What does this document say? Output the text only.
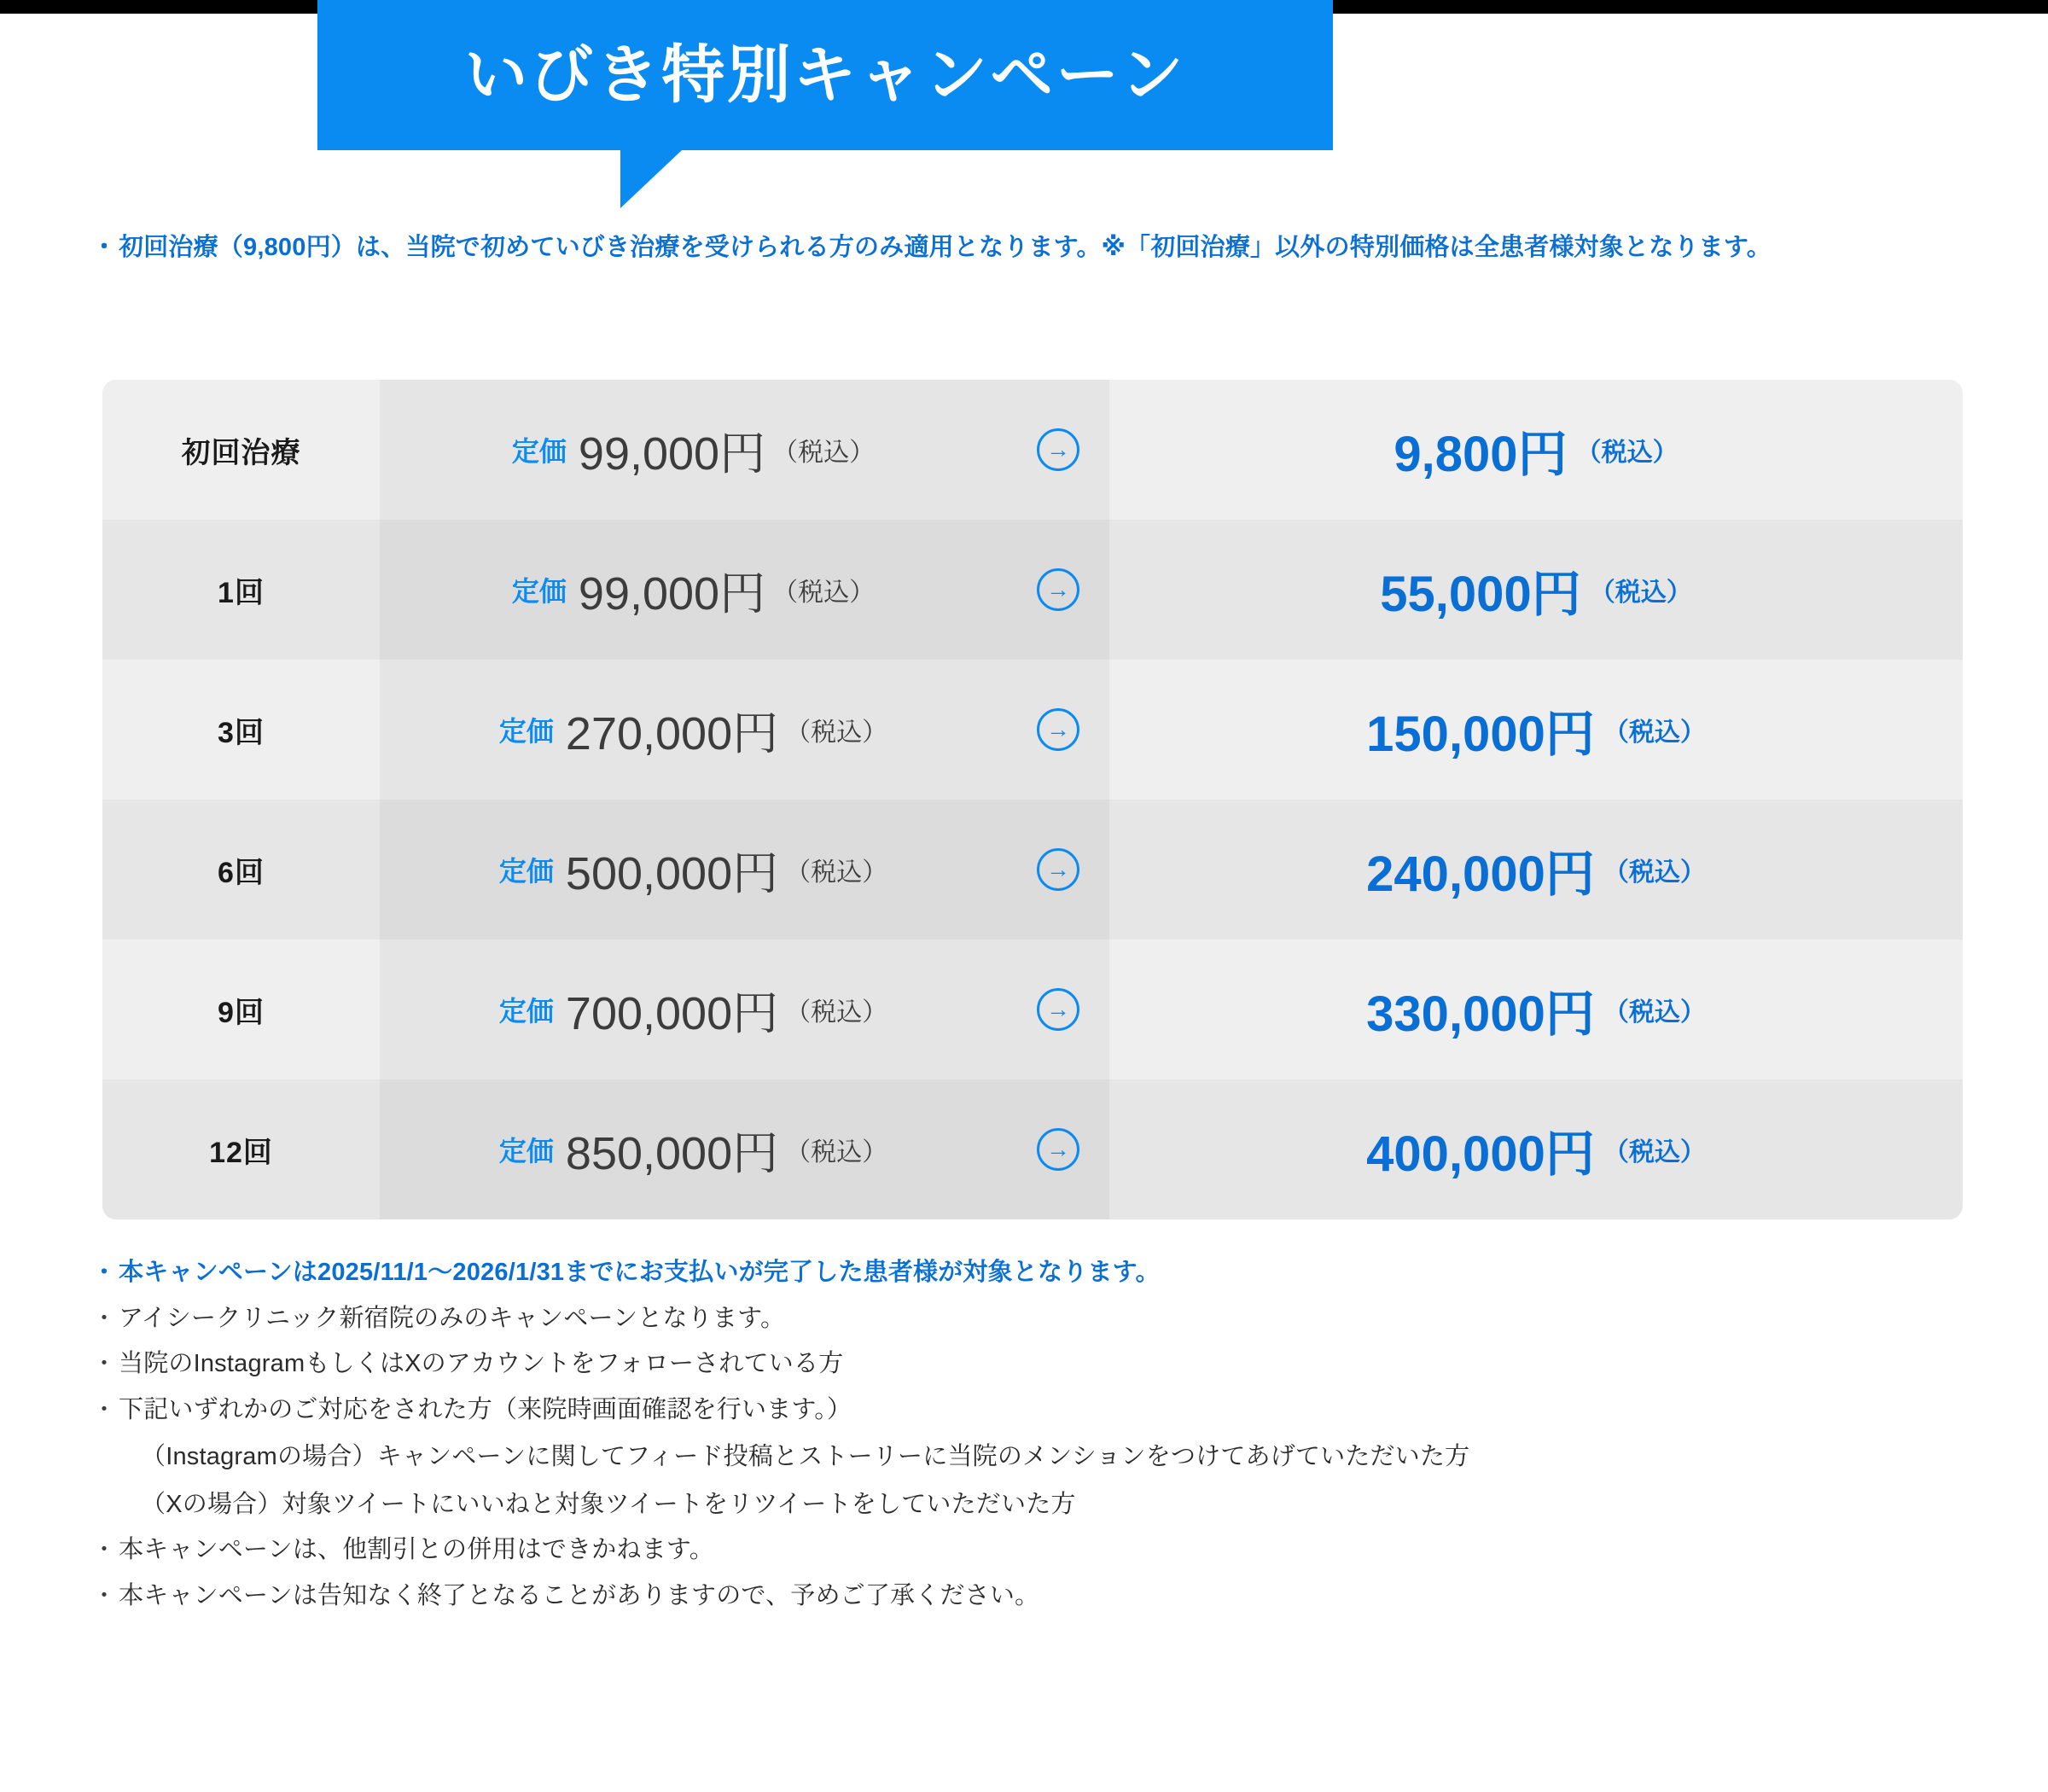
いびき特別キャンペーン
・ 初回治療（9,800円）は、当院で初めていびき治療を受けられる方のみ適用となります。※「初回治療」以外の特別価格は全患者様対象となります。
初回治療	定価 99,000円 （税込）	→	9,800円 （税込）
1回	定価 99,000円 （税込）	→	55,000円 （税込）
3回	定価 270,000円 （税込）	→	150,000円 （税込）
6回	定価 500,000円 （税込）	→	240,000円 （税込）
9回	定価 700,000円 （税込）	→	330,000円 （税込）
12回	定価 850,000円 （税込）	→	400,000円 （税込）
・ 本キャンペーンは2025/11/1〜2026/1/31までにお支払いが完了した患者様が対象となります。
・ アイシークリニック新宿院のみのキャンペーンとなります。
・ 当院のInstagramもしくはXのアカウントをフォローされている方
・ 下記いずれかのご対応をされた方（来院時画面確認を行います。）
（Instagramの場合）キャンペーンに関してフィード投稿とストーリーに当院のメンションをつけてあげていただいた方
（Xの場合）対象ツイートにいいねと対象ツイートをリツイートをしていただいた方
・ 本キャンペーンは、他割引との併用はできかねます。
・ 本キャンペーンは告知なく終了となることがありますので、予めご了承ください。
